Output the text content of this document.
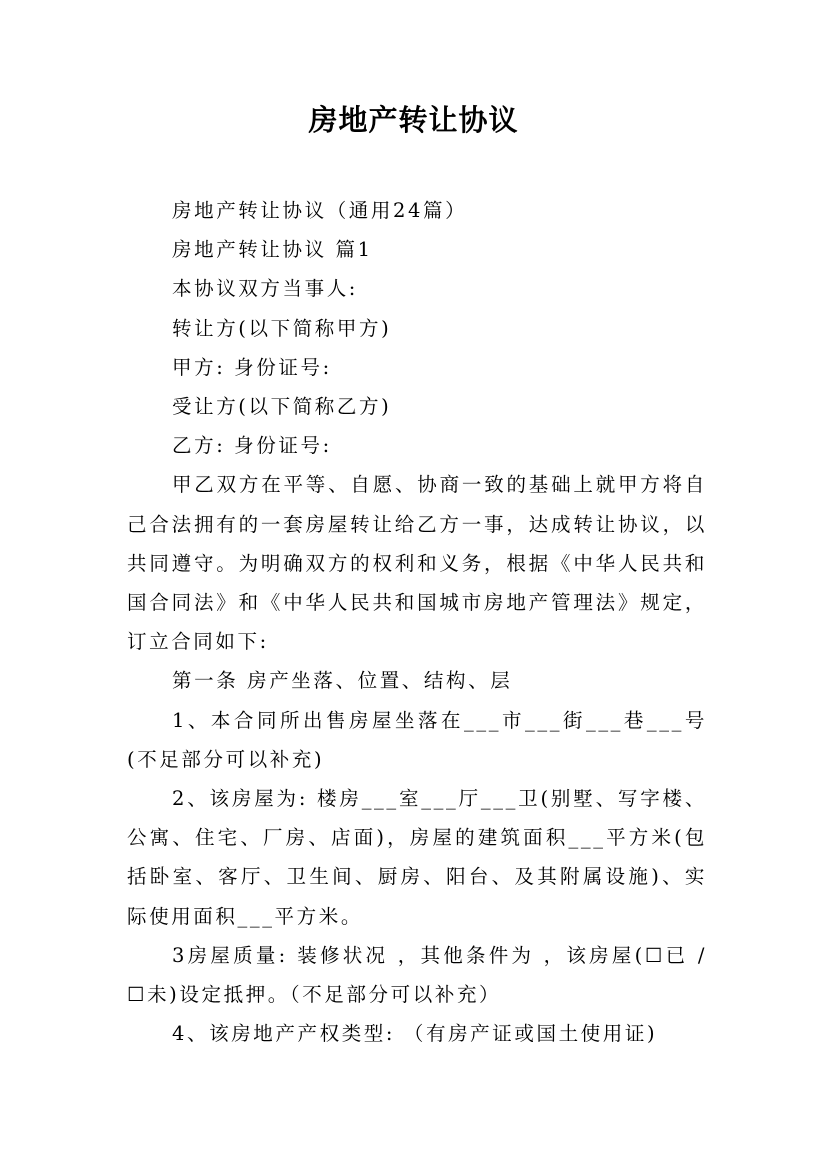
房地产转让协议

房地产转让协议（通用24篇）

房地产转让协议 篇1

本协议双方当事人:

转让方(以下简称甲方)

甲方: 身份证号:

受让方(以下简称乙方)

乙方: 身份证号:

甲乙双方在平等、自愿、协商一致的基础上就甲方将自己合法拥有的一套房屋转让给乙方一事，达成转让协议，以共同遵守。为明确双方的权利和义务，根据《中华人民共和国合同法》和《中华人民共和国城市房地产管理法》规定，订立合同如下:

第一条 房产坐落、位置、结构、层

1、本合同所出售房屋坐落在___市___街___巷___号(不足部分可以补充)

2、该房屋为: 楼房___室___厅___卫(别墅、写字楼、公寓、住宅、厂房、店面)，房屋的建筑面积___平方米(包括卧室、客厅、卫生间、厨房、阳台、及其附属设施)、实际使用面积___平方米。

3房屋质量: 装修状况 ，其他条件为 ，该房屋(☐已 /☐未)设定抵押。（不足部分可以补充）

4、该房地产产权类型: （有房产证或国土使用证)
